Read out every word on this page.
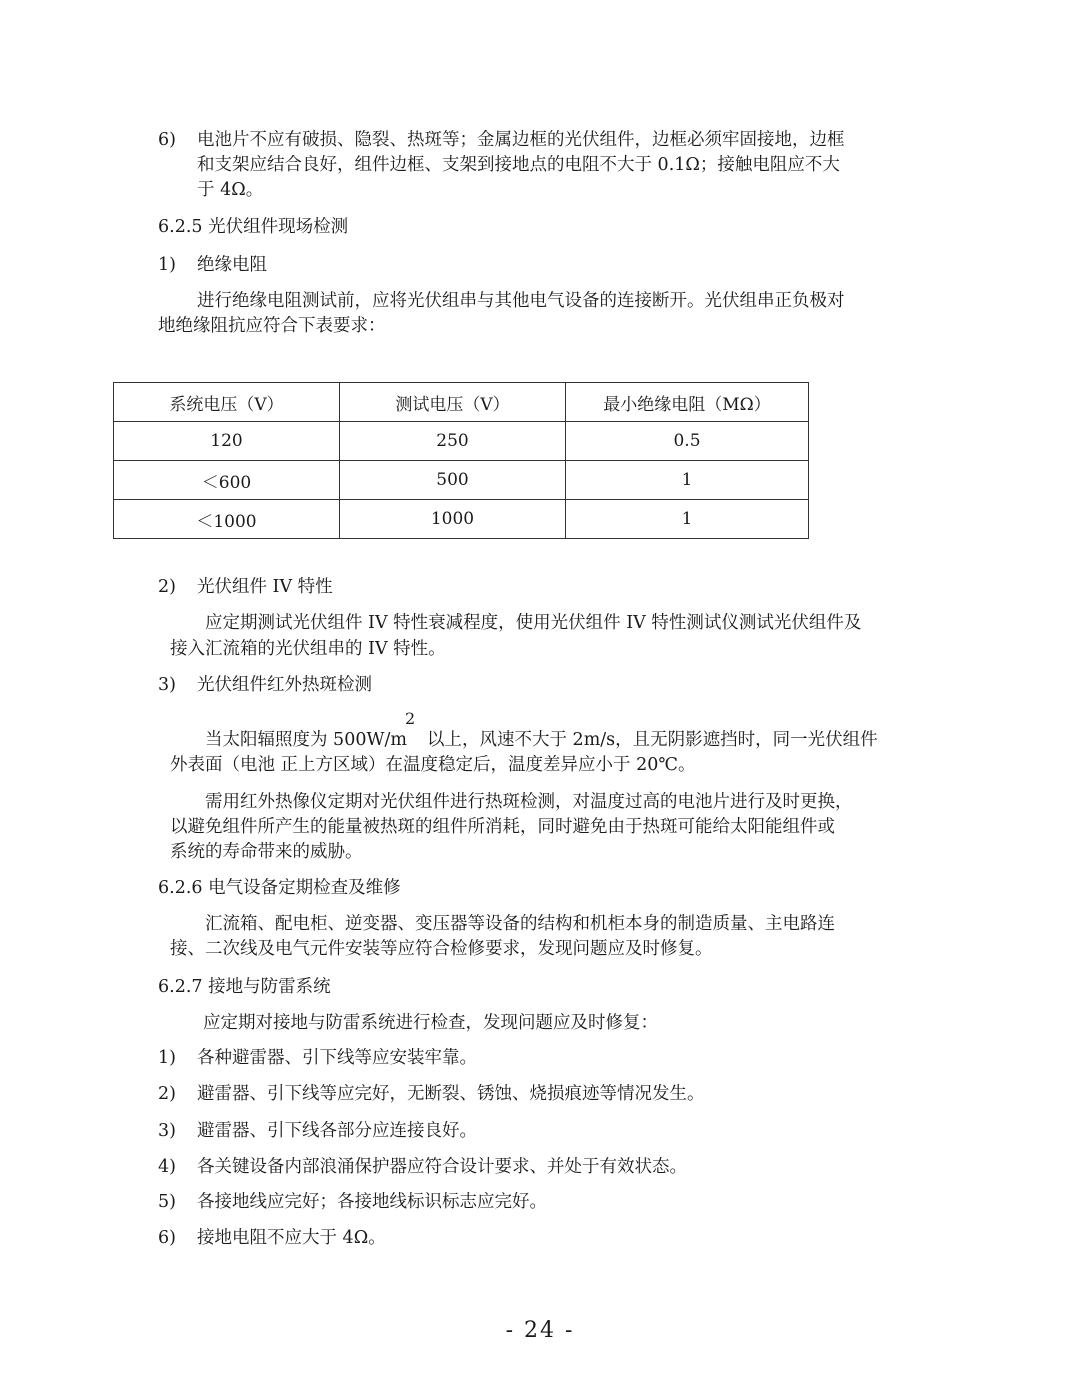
6) 电池片不应有破损、隐裂、热斑等；金属边框的光伏组件，边框必须牢固接地，边框
和支架应结合良好，组件边框、支架到接地点的电阻不大于 0.1Ω；接触电阻应不大
于 4Ω。
6.2.5 光伏组件现场检测
1) 绝缘电阻
进行绝缘电阻测试前，应将光伏组串与其他电气设备的连接断开。光伏组串正负极对
地绝缘阻抗应符合下表要求：
系统电压（V）	测试电压（V）	最小绝缘电阻（MΩ）
120	250	0.5
＜600	500	1
＜1000	1000	1
2) 光伏组件 IV 特性
应定期测试光伏组件 IV 特性衰减程度，使用光伏组件 IV 特性测试仪测试光伏组件及
接入汇流箱的光伏组串的 IV 特性。
3) 光伏组件红外热斑检测
当太阳辐照度为 500W/m
2
以上，风速不大于 2m/s，且无阴影遮挡时，同一光伏组件
外表面（电池 正上方区域）在温度稳定后，温度差异应小于 20℃。
需用红外热像仪定期对光伏组件进行热斑检测，对温度过高的电池片进行及时更换，
以避免组件所产生的能量被热斑的组件所消耗，同时避免由于热斑可能给太阳能组件或
系统的寿命带来的威胁。
6.2.6 电气设备定期检查及维修
汇流箱、配电柜、逆变器、变压器等设备的结构和机柜本身的制造质量、主电路连
接、二次线及电气元件安装等应符合检修要求，发现问题应及时修复。
6.2.7 接地与防雷系统
应定期对接地与防雷系统进行检查，发现问题应及时修复：
1) 各种避雷器、引下线等应安装牢靠。
2) 避雷器、引下线等应完好，无断裂、锈蚀、烧损痕迹等情况发生。
3) 避雷器、引下线各部分应连接良好。
4) 各关键设备内部浪涌保护器应符合设计要求、并处于有效状态。
5) 各接地线应完好；各接地线标识标志应完好。
6) 接地电阻不应大于 4Ω。
- 24 -
